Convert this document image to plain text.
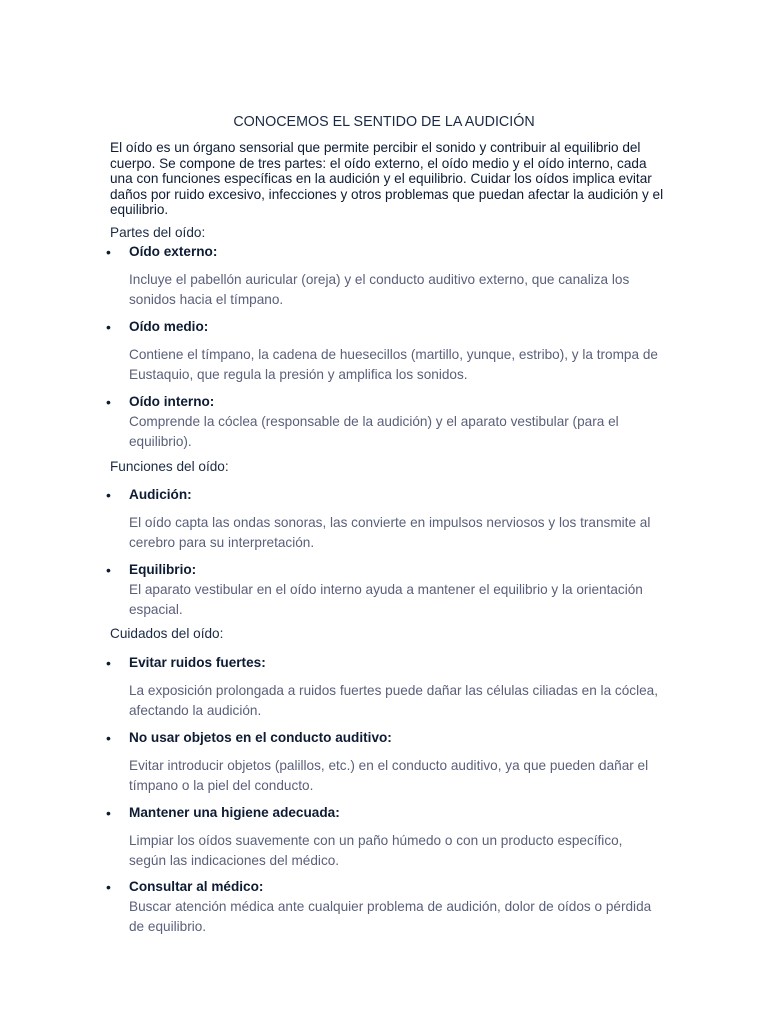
CONOCEMOS EL SENTIDO DE LA AUDICIÓN
El oído es un órgano sensorial que permite percibir el sonido y contribuir al equilibrio del cuerpo. Se compone de tres partes: el oído externo, el oído medio y el oído interno, cada una con funciones específicas en la audición y el equilibrio. Cuidar los oídos implica evitar daños por ruido excesivo, infecciones y otros problemas que puedan afectar la audición y el equilibrio.
Partes del oído:
• Oído externo:
Incluye el pabellón auricular (oreja) y el conducto auditivo externo, que canaliza los sonidos hacia el tímpano.
• Oído medio:
Contiene el tímpano, la cadena de huesecillos (martillo, yunque, estribo), y la trompa de Eustaquio, que regula la presión y amplifica los sonidos.
• Oído interno:
Comprende la cóclea (responsable de la audición) y el aparato vestibular (para el equilibrio).
Funciones del oído:
• Audición:
El oído capta las ondas sonoras, las convierte en impulsos nerviosos y los transmite al cerebro para su interpretación.
• Equilibrio:
El aparato vestibular en el oído interno ayuda a mantener el equilibrio y la orientación espacial.
Cuidados del oído:
• Evitar ruidos fuertes:
La exposición prolongada a ruidos fuertes puede dañar las células ciliadas en la cóclea, afectando la audición.
• No usar objetos en el conducto auditivo:
Evitar introducir objetos (palillos, etc.) en el conducto auditivo, ya que pueden dañar el tímpano o la piel del conducto.
• Mantener una higiene adecuada:
Limpiar los oídos suavemente con un paño húmedo o con un producto específico, según las indicaciones del médico.
• Consultar al médico:
Buscar atención médica ante cualquier problema de audición, dolor de oídos o pérdida de equilibrio.
